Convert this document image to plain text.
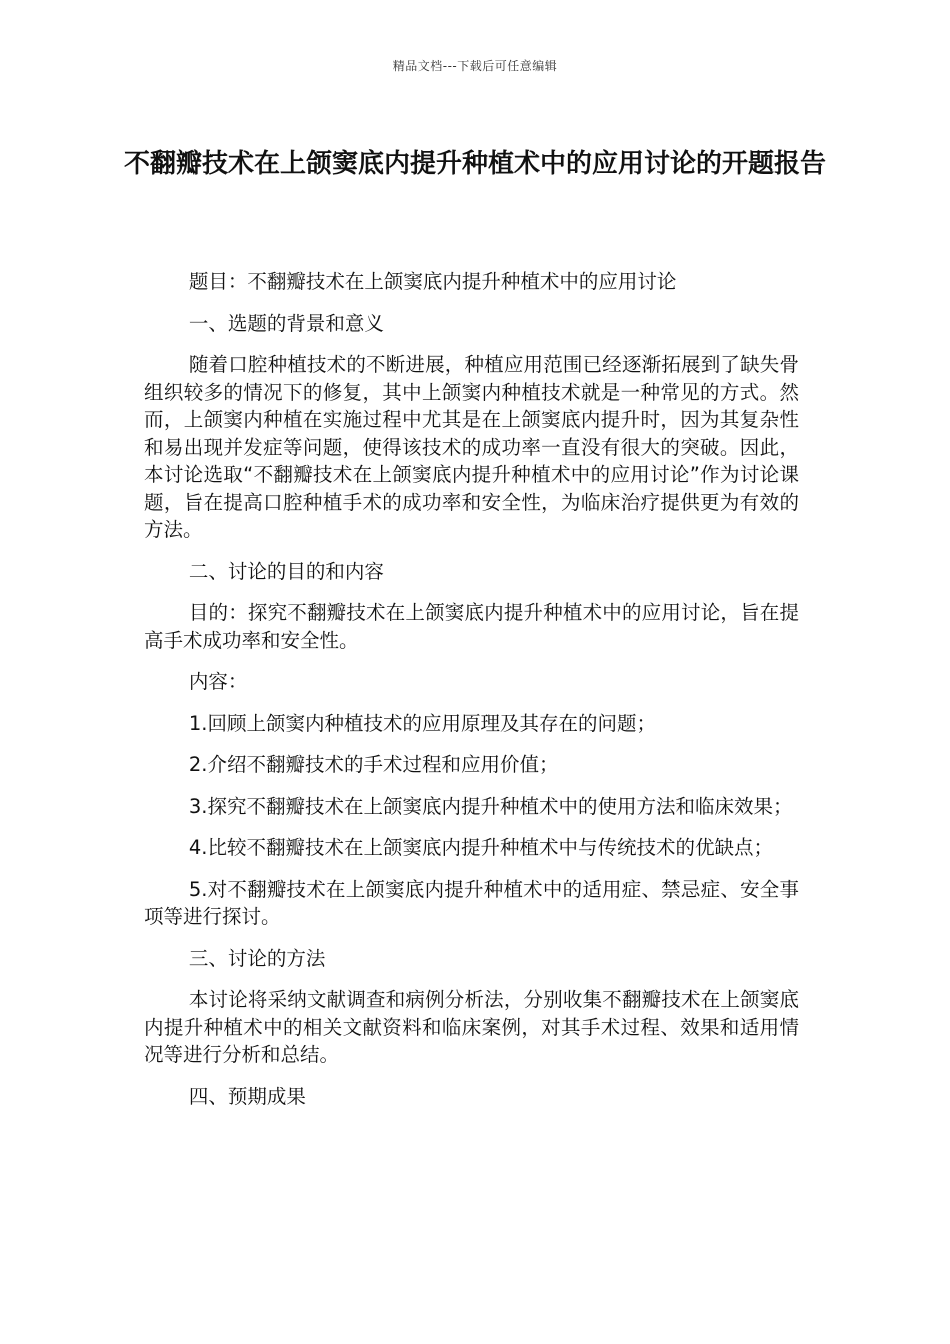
精品文档---下载后可任意编辑
不翻瓣技术在上颌窦底内提升种植术中的应用讨论的开题报告

题目：不翻瓣技术在上颌窦底内提升种植术中的应用讨论

一、选题的背景和意义

随着口腔种植技术的不断进展，种植应用范围已经逐渐拓展到了缺失骨组织较多的情况下的修复，其中上颌窦内种植技术就是一种常见的方式。然而，上颌窦内种植在实施过程中尤其是在上颌窦底内提升时，因为其复杂性和易出现并发症等问题，使得该技术的成功率一直没有很大的突破。因此，本讨论选取“不翻瓣技术在上颌窦底内提升种植术中的应用讨论”作为讨论课题，旨在提高口腔种植手术的成功率和安全性，为临床治疗提供更为有效的方法。

二、讨论的目的和内容

目的：探究不翻瓣技术在上颌窦底内提升种植术中的应用讨论，旨在提高手术成功率和安全性。

内容：

1.回顾上颌窦内种植技术的应用原理及其存在的问题；

2.介绍不翻瓣技术的手术过程和应用价值；

3.探究不翻瓣技术在上颌窦底内提升种植术中的使用方法和临床效果；

4.比较不翻瓣技术在上颌窦底内提升种植术中与传统技术的优缺点；

5.对不翻瓣技术在上颌窦底内提升种植术中的适用症、禁忌症、安全事项等进行探讨。

三、讨论的方法

本讨论将采纳文献调查和病例分析法，分别收集不翻瓣技术在上颌窦底内提升种植术中的相关文献资料和临床案例，对其手术过程、效果和适用情况等进行分析和总结。

四、预期成果
